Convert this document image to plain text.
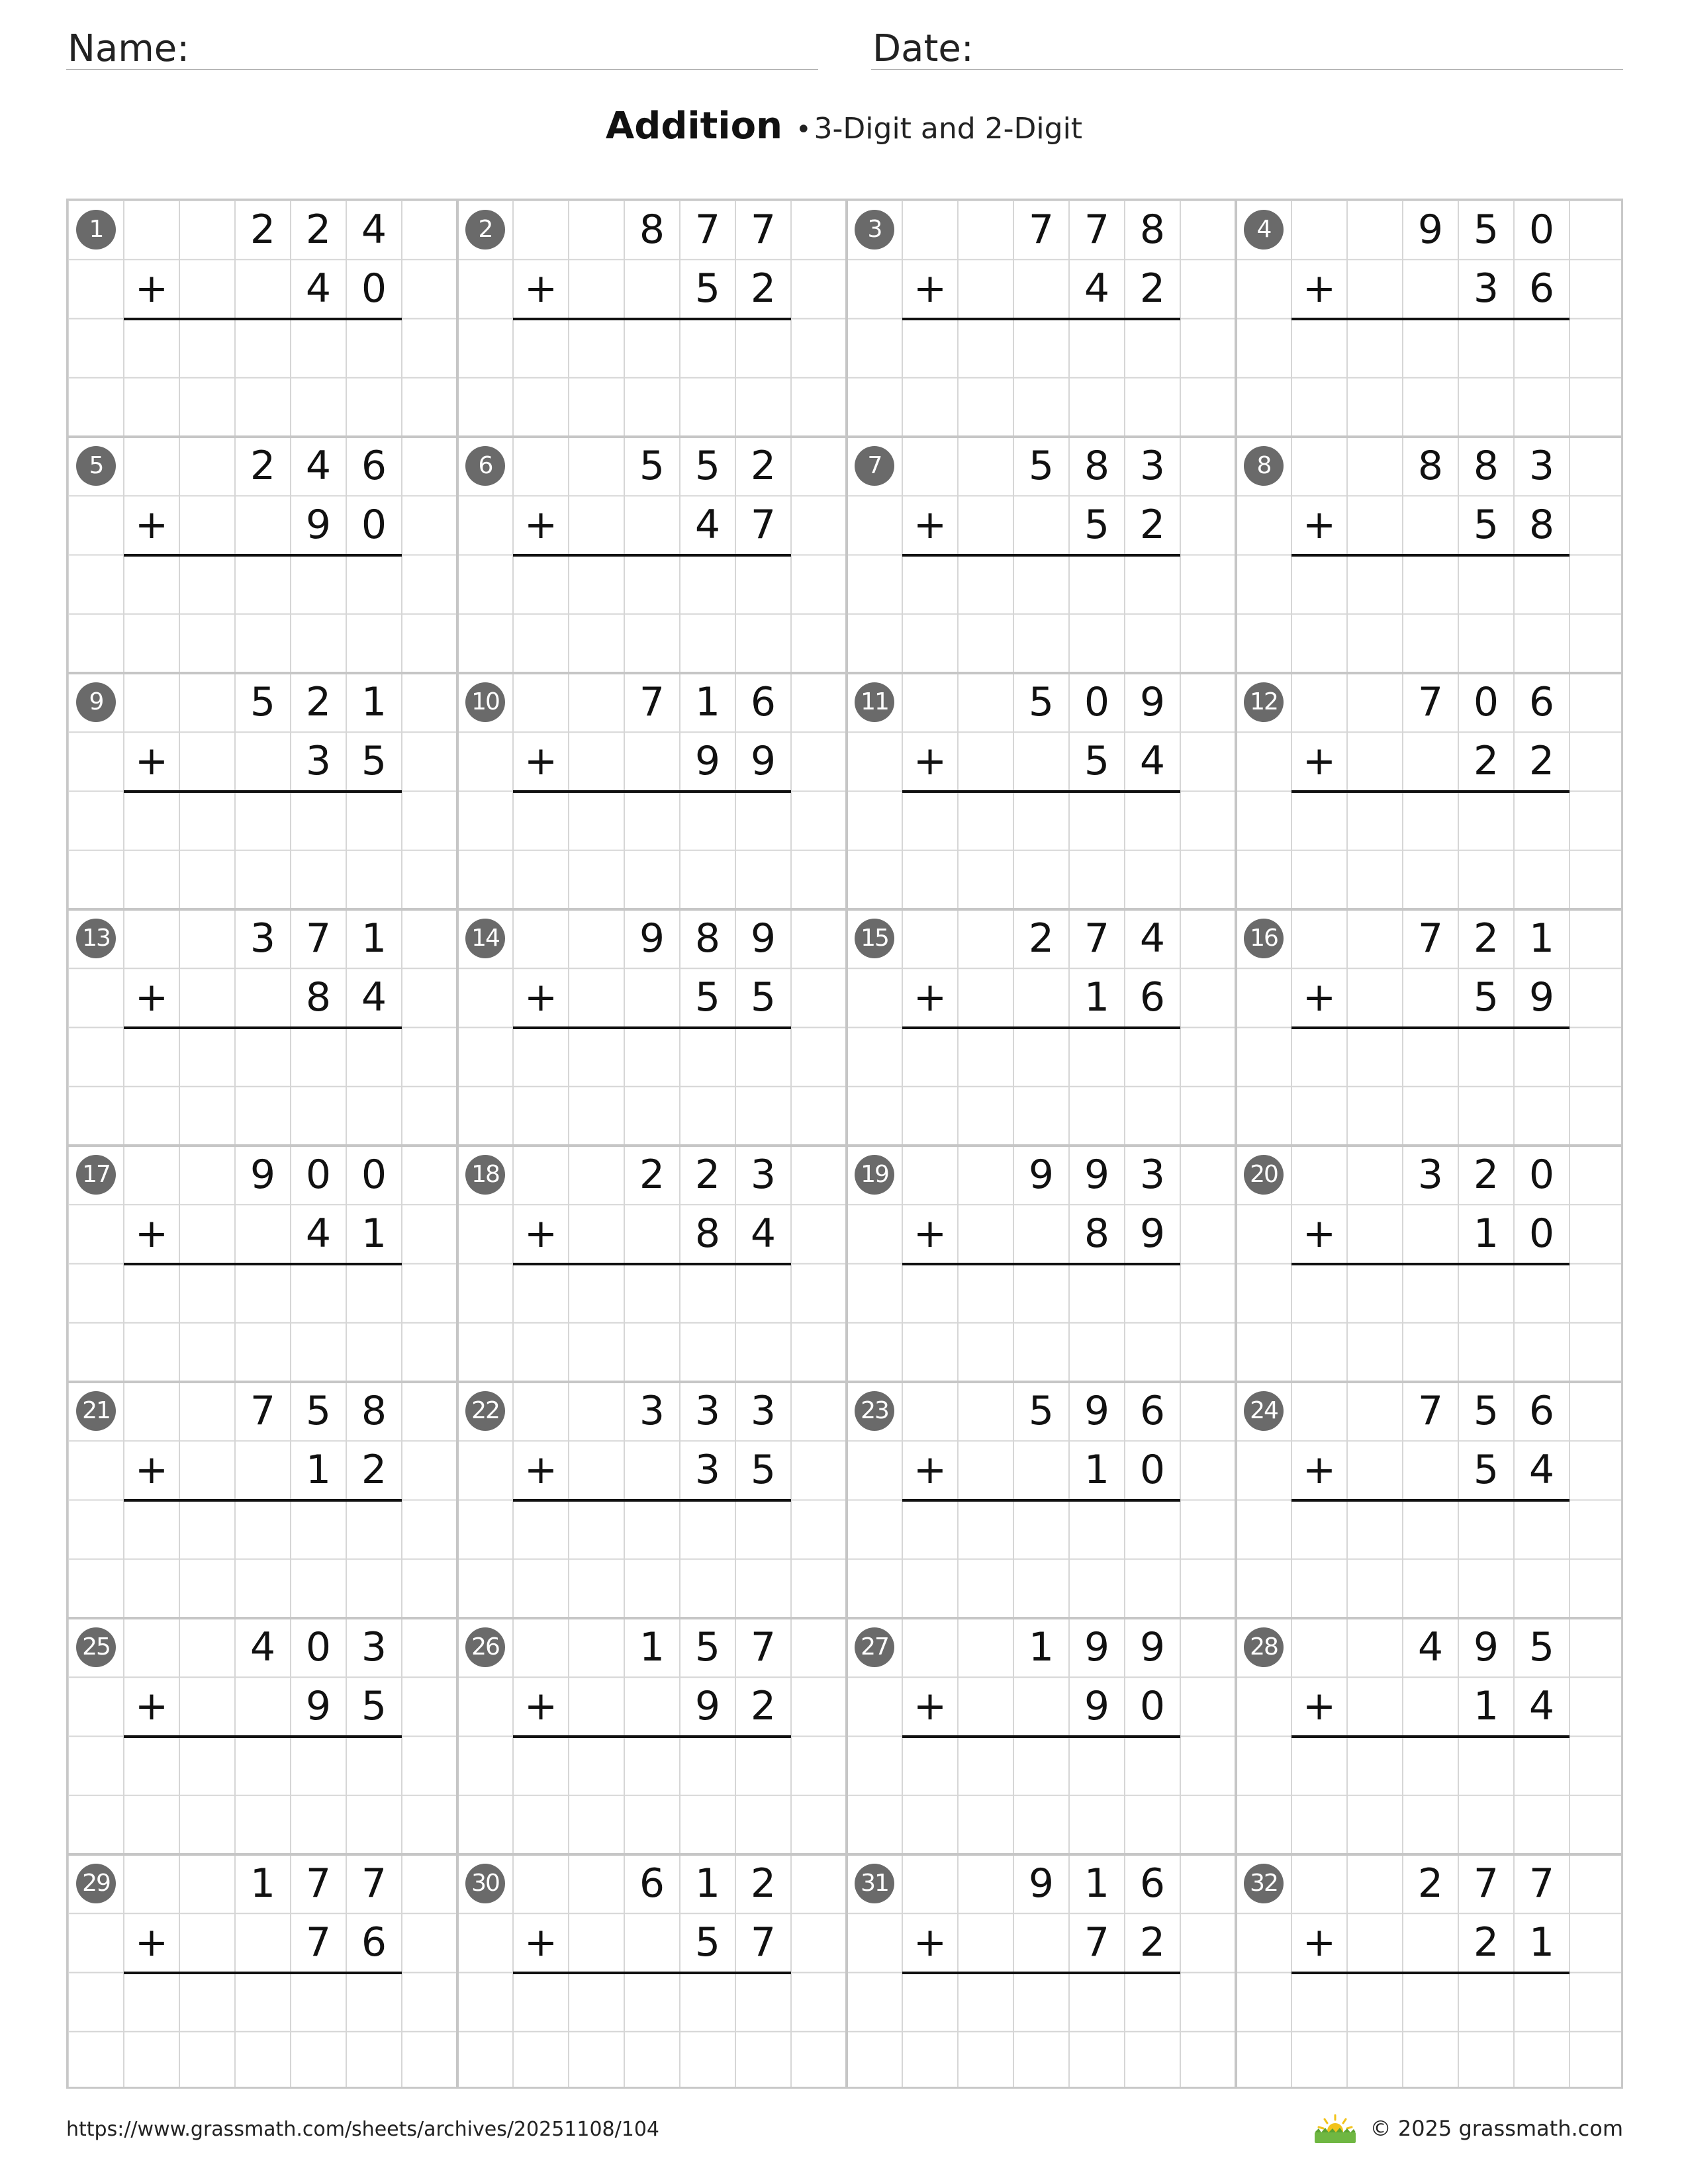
Name:	Date:
Addition •3-Digit and 2-Digit
1	2 2 4
4 0
+
2	8 7 7
5 2
+
3	7 7 8
4 2
+
4	9 5 0
3 6
+
5	2 4 6
9 0
+
6	5 5 2
4 7
+
7	5 8 3
5 2
+
8	8 8 3
5 8
+
9	5 2 1
3 5
+
10	7 1 6
9 9
+
11	5 0 9
5 4
+
12	7 0 6
2 2
+
13	3 7 1
8 4
+
14	9 8 9
5 5
+
15	2 7 4
1 6
+
16	7 2 1
5 9
+
17	9 0 0
4 1
+
18	2 2 3
8 4
+
19	9 9 3
8 9
+
20	3 2 0
1 0
+
21	7 5 8
1 2
+
22	3 3 3
3 5
+
23	5 9 6
1 0
+
24	7 5 6
5 4
+
25	4 0 3
9 5
+
26	1 5 7
9 2
+
27	1 9 9
9 0
+
28	4 9 5
1 4
+
29	1 7 7
7 6
+
30	6 1 2
5 7
+
31	9 1 6
7 2
+
32	2 7 7
2 1
+
https://www.grassmath.com/sheets/archives/20251108/104	© 2025 grassmath.com
